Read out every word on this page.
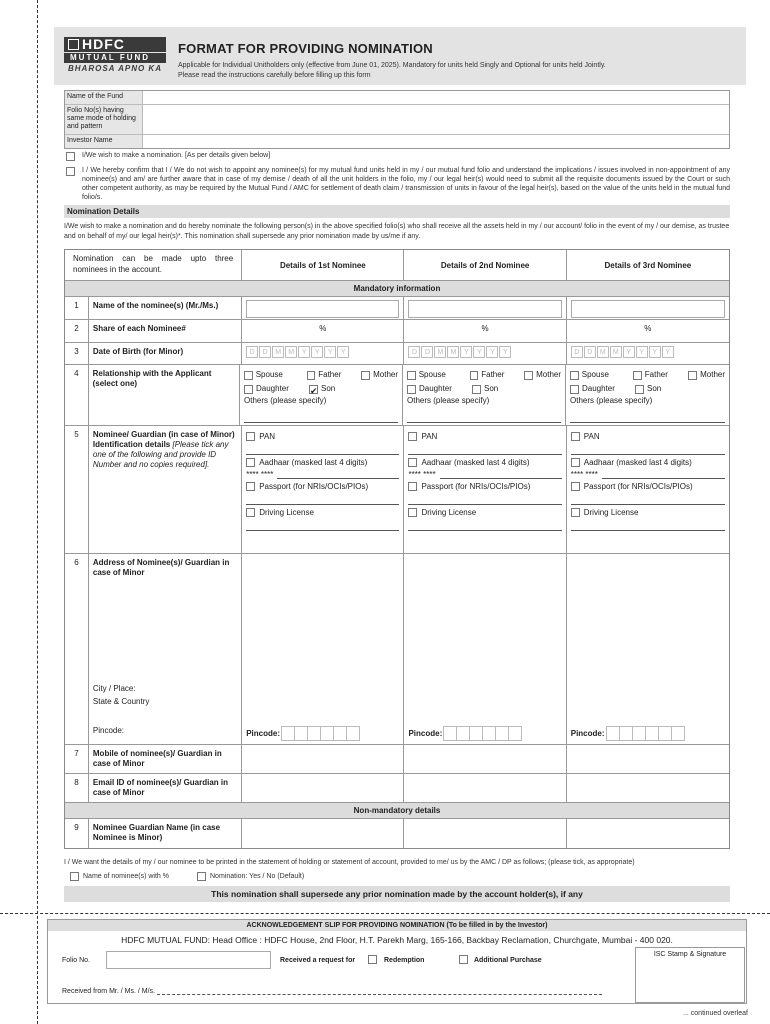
HDFC
MUTUAL FUND
BHAROSA APNO KA
FORMAT FOR PROVIDING NOMINATION
Applicable for Individual Unitholders only (effective from June 01, 2025). Mandatory for units held Singly and Optional for units held Jointly.
Please read the instructions carefully before filling up this form
Name of the Fund
Folio No(s) having same mode of holding and pattern
Investor Name
I/We wish to make a nomination. [As per details given below]
I / We hereby confirm that I / We do not wish to appoint any nominee(s) for my mutual fund units held in my / our mutual fund folio and understand the implications / issues involved in non-appointment of any nominee(s) and am/ are further aware that in case of my demise / death of all the unit holders in the folio, my / our legal heir(s) would need to submit all the requisite documents issued by the Court or such other competent authority, as may be required by the Mutual Fund / AMC for settlement of death claim / transmission of units in favour of the legal heir(s), based on the value of the units held in the mutual fund folio/s.
Nomination Details
I/We wish to make a nomination and do hereby nominate the following person(s) in the above specified folio(s) who shall receive all the assets held in my / our account/ folio in the event of my / our demise, as trustee and on behalf of my/ our legal heir(s)*. This nomination shall supersede any prior nomination made by us/me if any.
Nomination can be made upto three nominees in the account.	Details of 1st Nominee	Details of 2nd Nominee	Details of 3rd Nominee
Mandatory information
1	Name of the nominee(s) (Mr./Ms.)
2	Share of each Nominee#	%	%	%
3	Date of Birth (for Minor)	D	D	M	M	Y	Y	Y	Y	D	D	M	M	Y	Y	Y	Y	D	D	M	M	Y	Y	Y	Y
4	Relationship with the Applicant (select one)
Spouse	Father	Mother
Daughter
✔	Son
Others (please specify)
Spouse	Father	Mother
Daughter	Son
Others (please specify)
Spouse	Father	Mother
Daughter	Son
Others (please specify)
5	Nominee/ Guardian (in case of Minor) Identification details [Please tick any one of the following and provide ID Number and no copies required].
PAN
Aadhaar (masked last 4 digits)
**** ****
Passport (for NRIs/OCIs/PIOs)
Driving License
PAN
Aadhaar (masked last 4 digits)
**** ****
Passport (for NRIs/OCIs/PIOs)
Driving License
PAN
Aadhaar (masked last 4 digits)
**** ****
Passport (for NRIs/OCIs/PIOs)
Driving License
6	Address of Nominee(s)/ Guardian in case of Minor
City / Place:
State & Country
Pincode:	Pincode:	Pincode:	Pincode:
7	Mobile of nominee(s)/ Guardian in case of Minor
8	Email ID of nominee(s)/ Guardian in case of Minor
Non-mandatory details
9	Nominee Guardian Name (in case Nominee is Minor)
I / We want the details of my / our nominee to be printed in the statement of holding or statement of account, provided to me/ us by the AMC / DP as follows; (please tick, as appropriate)
Name of nominee(s) with %	Nomination: Yes / No (Default)
This nomination shall supersede any prior nomination made by the account holder(s), if any
ACKNOWLEDGEMENT SLIP FOR PROVIDING NOMINATION (To be filled in by the Investor)
HDFC MUTUAL FUND: Head Office : HDFC House, 2nd Floor, H.T. Parekh Marg, 165-166, Backbay Reclamation, Churchgate, Mumbai - 400 020.
Folio No.	Received a request for	Redemption	Additional Purchase
ISC Stamp & Signature
Received from Mr. / Ms. / M/s.
... continued overleaf
